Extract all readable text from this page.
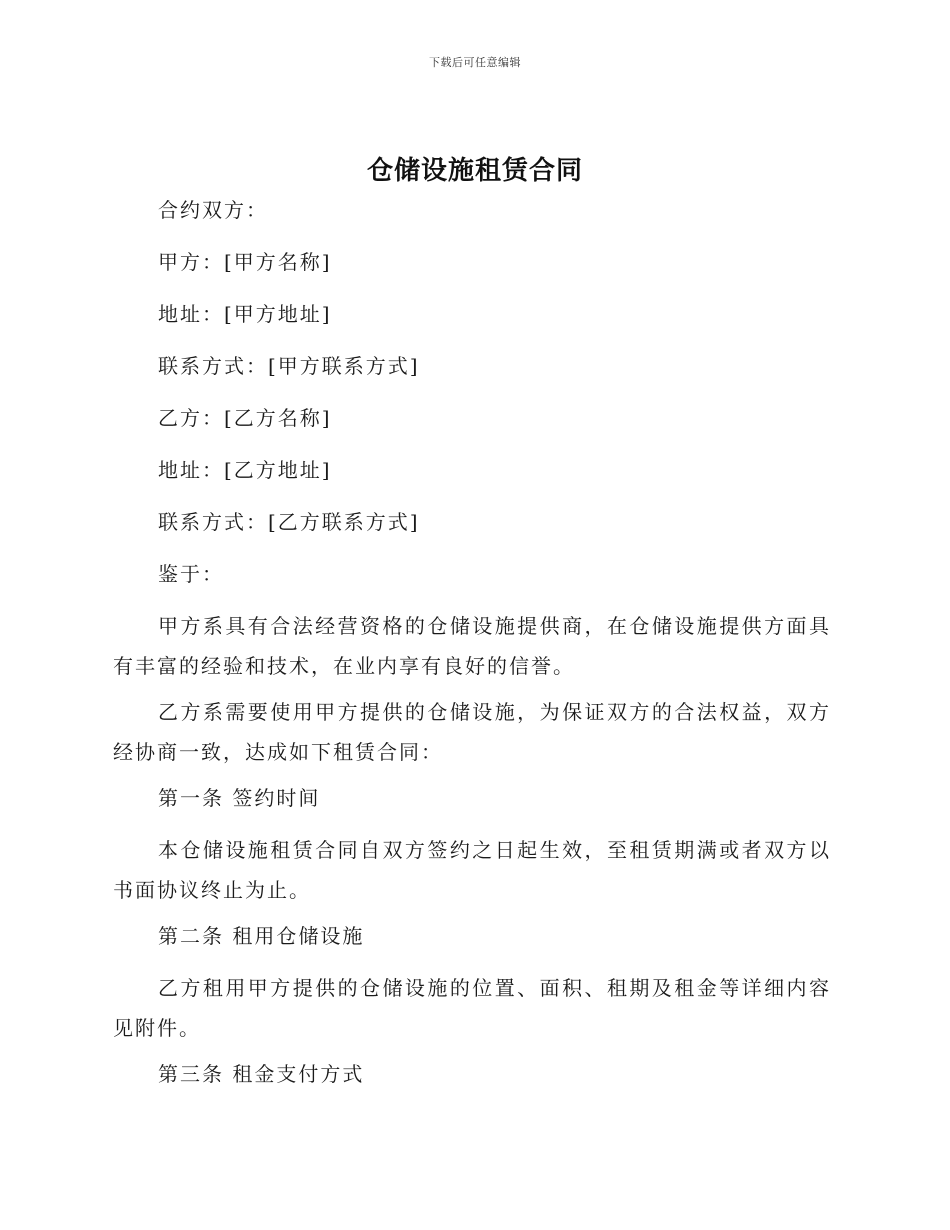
下载后可任意编辑
仓储设施租赁合同

合约双方：

甲方：[甲方名称]

地址：[甲方地址]

联系方式：[甲方联系方式]

乙方：[乙方名称]

地址：[乙方地址]

联系方式：[乙方联系方式]

鉴于：

甲方系具有合法经营资格的仓储设施提供商，在仓储设施提供方面具有丰富的经验和技术，在业内享有良好的信誉。

乙方系需要使用甲方提供的仓储设施，为保证双方的合法权益，双方经协商一致，达成如下租赁合同：

第一条 签约时间

本仓储设施租赁合同自双方签约之日起生效，至租赁期满或者双方以书面协议终止为止。

第二条 租用仓储设施

乙方租用甲方提供的仓储设施的位置、面积、租期及租金等详细内容见附件。

第三条 租金支付方式
